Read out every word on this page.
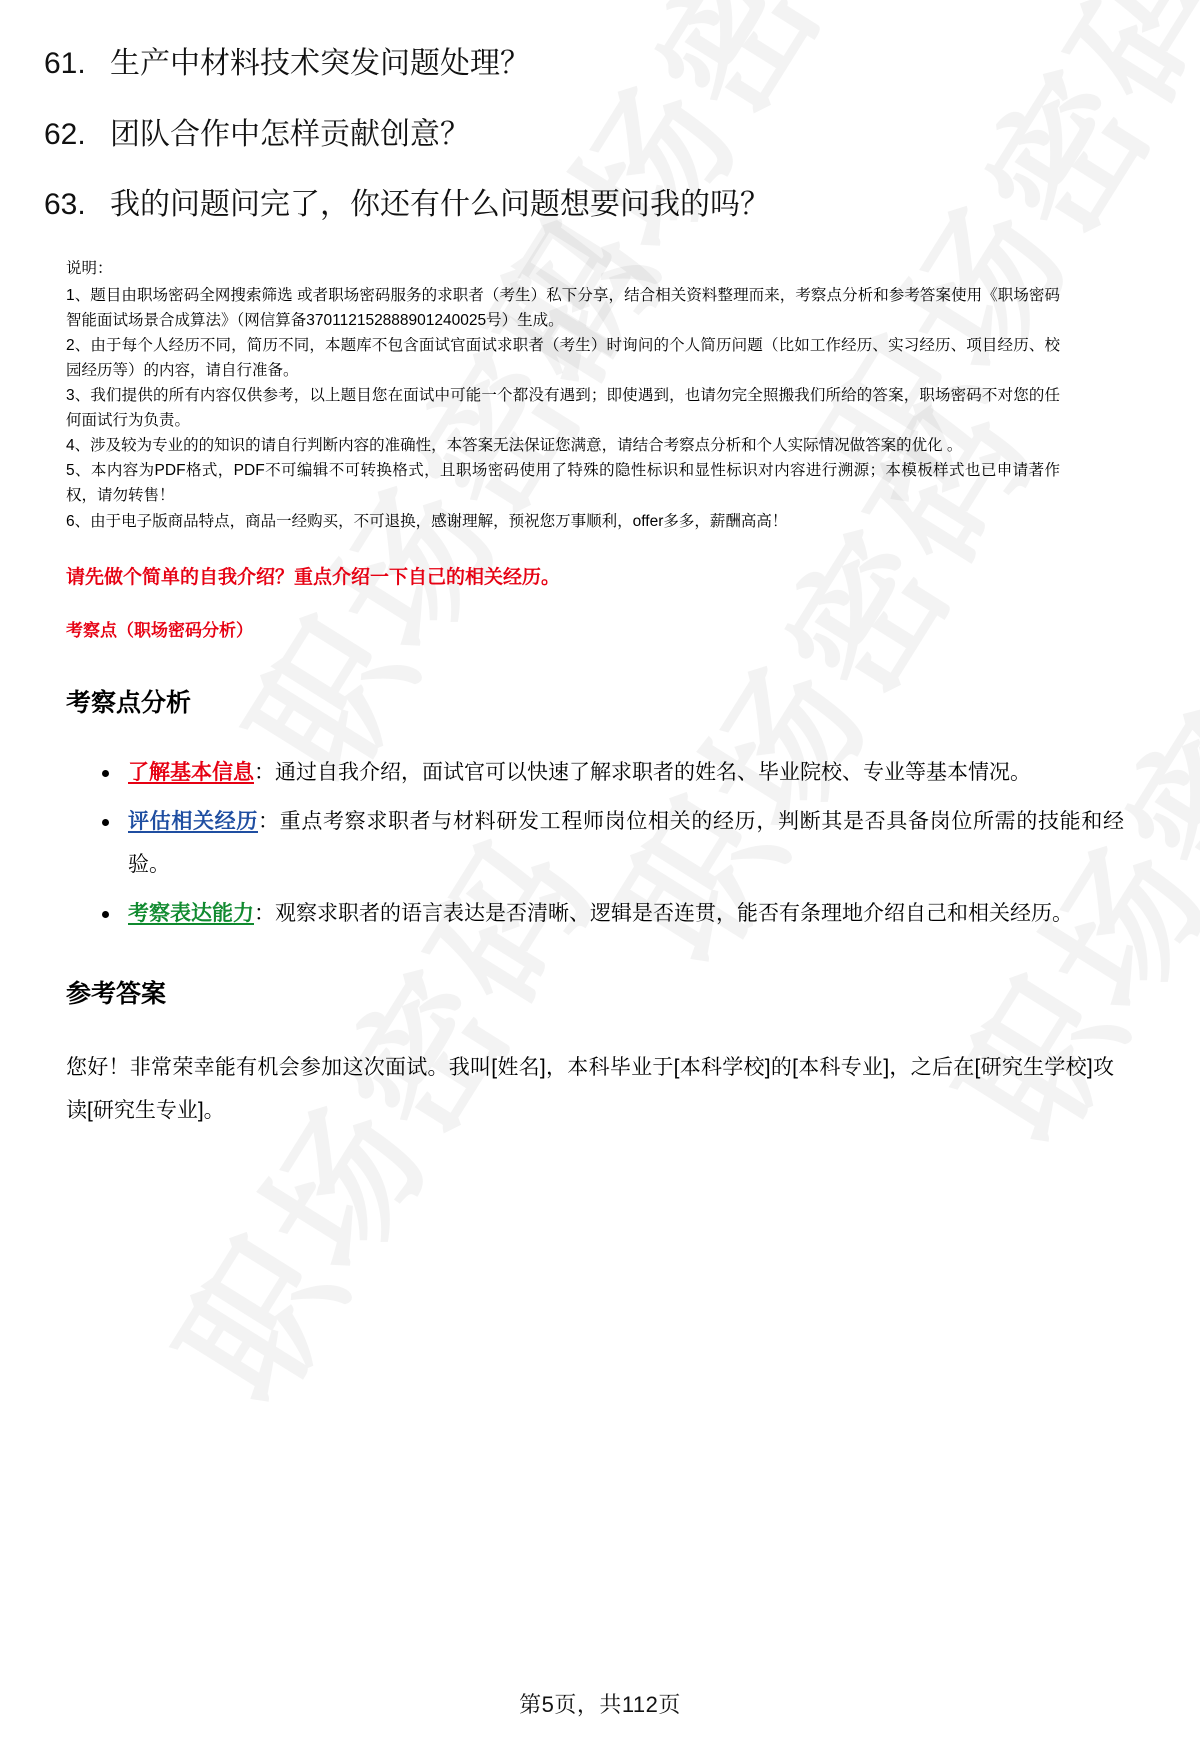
61. 生产中材料技术突发问题处理？
62. 团队合作中怎样贡献创意？
63. 我的问题问完了，你还有什么问题想要问我的吗？

说明：

1、题目由职场密码全网搜索筛选 或者职场密码服务的求职者（考生）私下分享，结合相关资料整理而来，考察点分析和参考答案使用《职场密码智能面试场景合成算法》（网信算备370112152888901240025号）生成。

2、由于每个人经历不同，简历不同，本题库不包含面试官面试求职者（考生）时询问的个人简历问题（比如工作经历、实习经历、项目经历、校园经历等）的内容，请自行准备。

3、我们提供的所有内容仅供参考，以上题目您在面试中可能一个都没有遇到；即使遇到，也请勿完全照搬我们所给的答案，职场密码不对您的任何面试行为负责。

4、涉及较为专业的的知识的请自行判断内容的准确性，本答案无法保证您满意，请结合考察点分析和个人实际情况做答案的优化 。

5、本内容为PDF格式，PDF不可编辑不可转换格式，且职场密码使用了特殊的隐性标识和显性标识对内容进行溯源；本模板样式也已申请著作权，请勿转售！

6、由于电子版商品特点，商品一经购买，不可退换，感谢理解，预祝您万事顺利，offer多多，薪酬高高！

请先做个简单的自我介绍？重点介绍一下自己的相关经历。
考察点（职场密码分析）
考察点分析
了解基本信息：通过自我介绍，面试官可以快速了解求职者的姓名、毕业院校、专业等基本情况。
评估相关经历：重点考察求职者与材料研发工程师岗位相关的经历，判断其是否具备岗位所需的技能和经验。
考察表达能力：观察求职者的语言表达是否清晰、逻辑是否连贯，能否有条理地介绍自己和相关经历。
参考答案

您好！非常荣幸能有机会参加这次面试。我叫[姓名]，本科毕业于[本科学校]的[本科专业]，之后在[研究生学校]攻读[研究生专业]。

第5页，共112页
